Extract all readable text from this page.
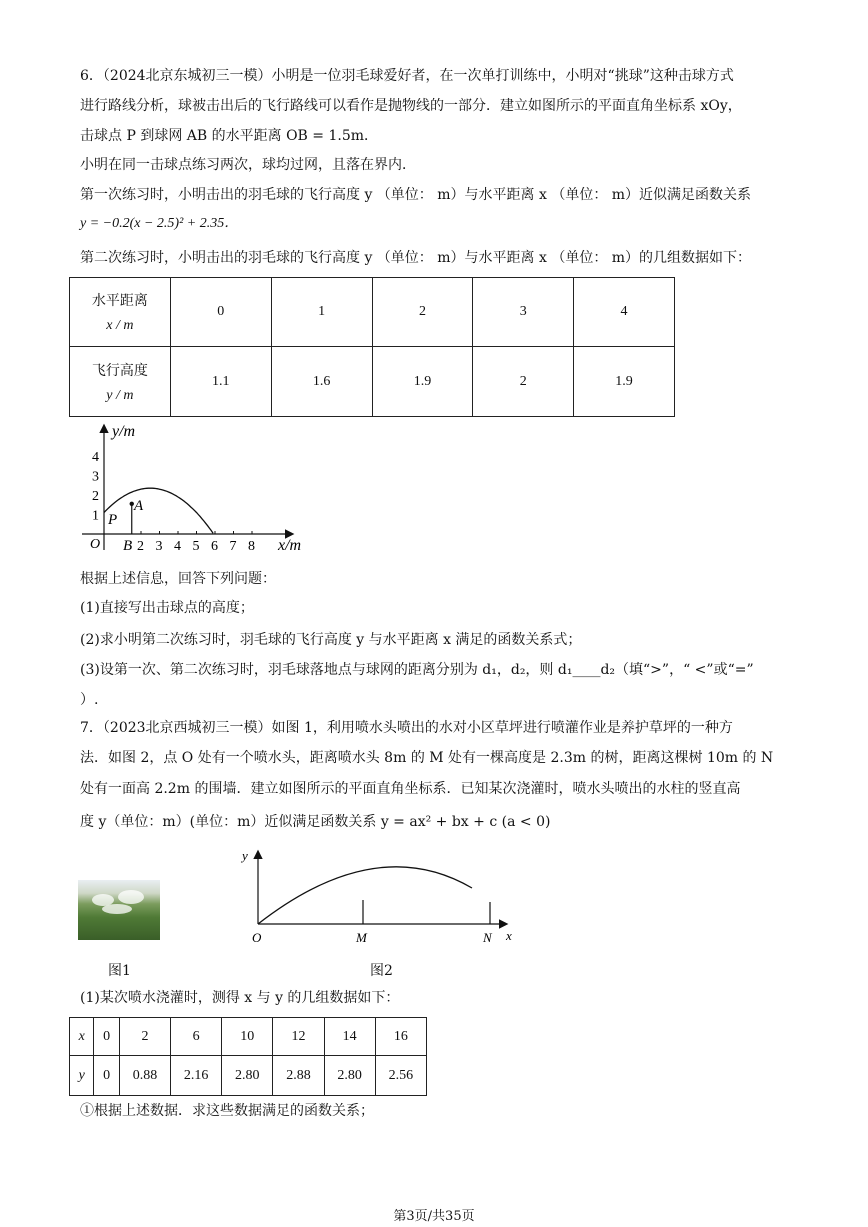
6．（2024北京东城初三一模）小明是一位羽毛球爱好者，在一次单打训练中，小明对“挑球”这种击球方式
进行路线分析，球被击出后的飞行路线可以看作是抛物线的一部分．建立如图所示的平面直角坐标系 xOy，
击球点 P 到球网 AB 的水平距离 OB = 1.5m．
小明在同一击球点练习两次，球均过网，且落在界内．
第一次练习时，小明击出的羽毛球的飞行高度 y （单位： m）与水平距离 x （单位： m）近似满足函数关系
y = −0.2(x − 2.5)² + 2.35．
第二次练习时，小明击出的羽毛球的飞行高度 y （单位： m）与水平距离 x （单位： m）的几组数据如下：
水平距离
x / m	0	1	2	3	4

飞行高度
y / m	1.1	1.6	1.9	2	1.9
y/m
x/m
O
1
2
3
4
2 3 4 5 6 7 8
P
A
B
根据上述信息，回答下列问题：
(1)直接写出击球点的高度；
(2)求小明第二次练习时，羽毛球的飞行高度 y 与水平距离 x 满足的函数关系式；
(3)设第一次、第二次练习时，羽毛球落地点与球网的距离分别为 d₁，d₂，则 d₁____d₂（填“>”，“ <”或“=”
）.
7．（2023北京西城初三一模）如图 1，利用喷水头喷出的水对小区草坪进行喷灌作业是养护草坪的一种方
法．如图 2，点 O 处有一个喷水头，距离喷水头 8m 的 M 处有一棵高度是 2.3m 的树，距离这棵树 10m 的 N
处有一面高 2.2m 的围墙．建立如图所示的平面直角坐标系．已知某次浇灌时，喷水头喷出的水柱的竖直高
度 y（单位：m）(单位：m）近似满足函数关系 y = ax² + bx + c (a < 0)
图1
y
x
O	M	N
图2
(1)某次喷水浇灌时，测得 x 与 y 的几组数据如下：
x	0	2	6	10	12	14	16
y	0	0.88	2.16	2.80	2.88	2.80	2.56
①根据上述数据．求这些数据满足的函数关系；
第3页/共35页
